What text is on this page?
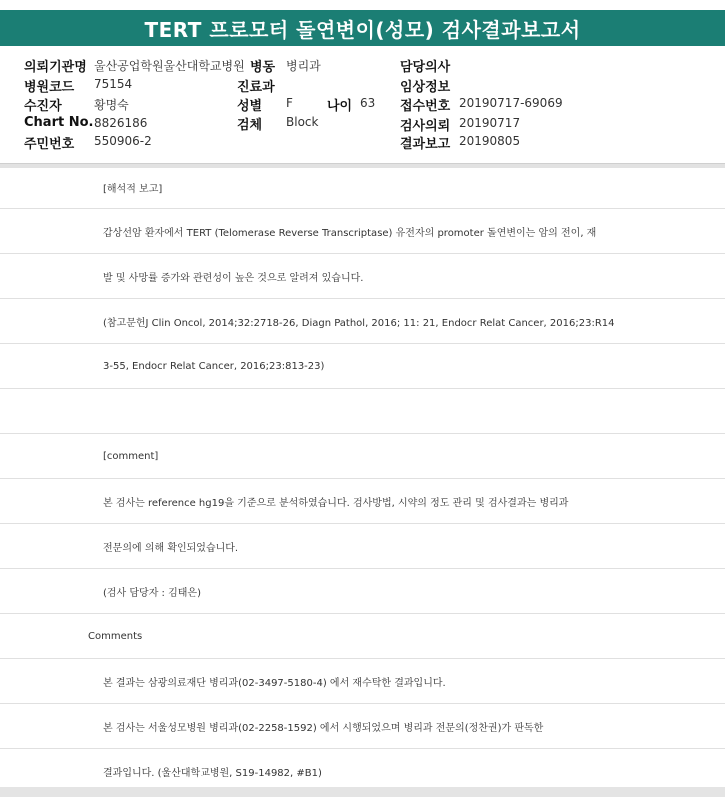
TERT 프로모터 돌연변이(성모) 검사결과보고서
의뢰기관명 울산공업학원울산대학교병원 병동 병리과	담당의사
병원코드 75154	진료과	임상정보
수진자	황명숙	성별 F	나이 63 접수번호 20190717-69069
Chart No. 8826186	검체 Block	검사의뢰 20190717
주민번호 550906-2	결과보고 20190805
[해석적 보고]
갑상선암 환자에서 TERT (Telomerase Reverse Transcriptase) 유전자의 promoter 돌연변이는 암의 전이, 재
발 및 사망률 증가와 관련성이 높은 것으로 알려져 있습니다.
(참고문헌J Clin Oncol, 2014;32:2718-26, Diagn Pathol, 2016; 11: 21, Endocr Relat Cancer, 2016;23:R14
3-55, Endocr Relat Cancer, 2016;23:813-23)
[comment]
본 검사는 reference hg19을 기준으로 분석하였습니다. 검사방법, 시약의 정도 관리 및 검사결과는 병리과
전문의에 의해 확인되었습니다.
(검사 담당자 : 김태은)
Comments
본 결과는 삼광의료재단 병리과(02-3497-5180-4) 에서 재수탁한 결과입니다.
본 검사는 서울성모병원 병리과(02-2258-1592) 에서 시행되었으며 병리과 전문의(정찬권)가 판독한
결과입니다. (울산대학교병원, S19-14982, #B1)
